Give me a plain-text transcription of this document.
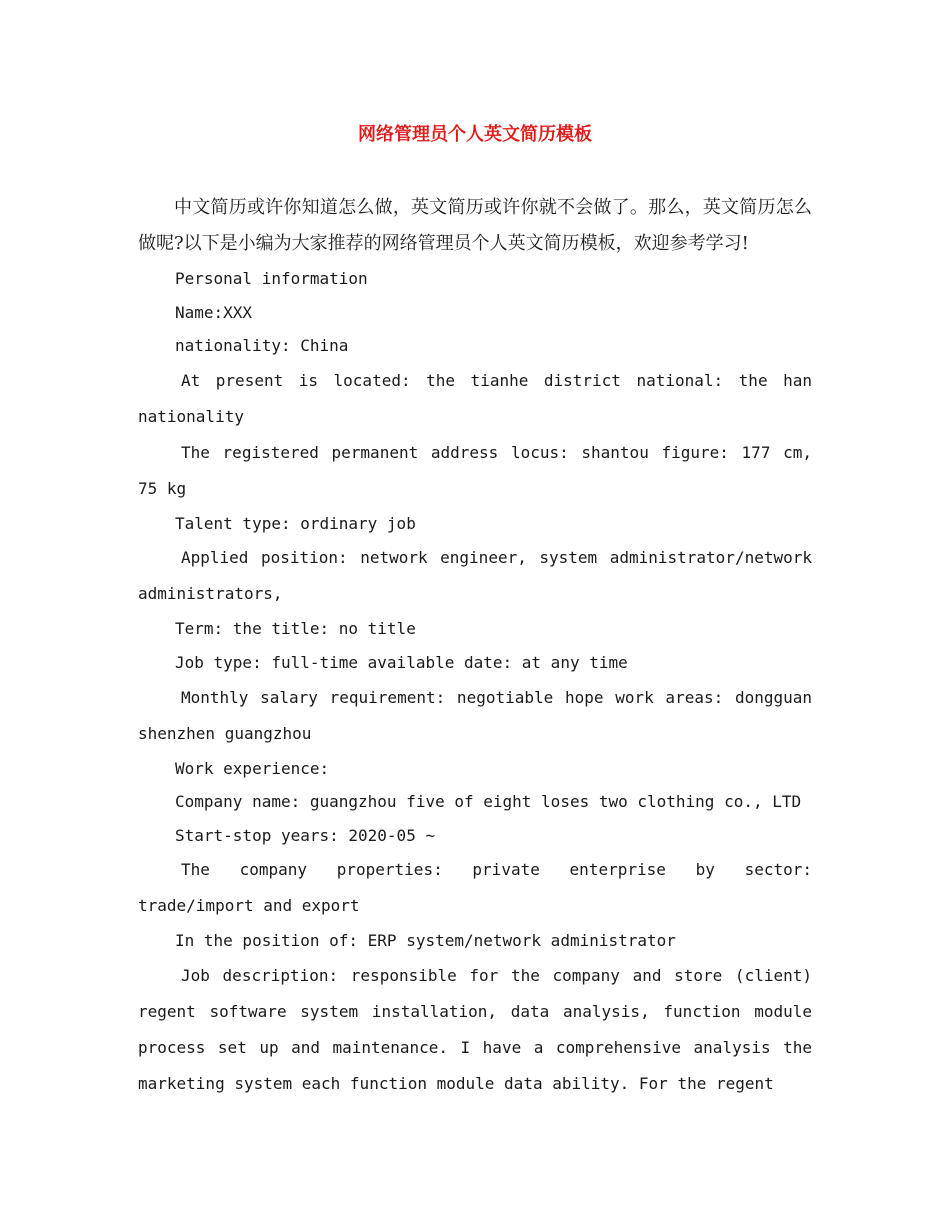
网络管理员个人英文简历模板

中文简历或许你知道怎么做，英文简历或许你就不会做了。那么，英文简历怎么做呢?以下是小编为大家推荐的网络管理员个人英文简历模板，欢迎参考学习!

Personal information

Name:XXX

nationality: China

At present is located: the tianhe district national: the han nationality

The registered permanent address locus: shantou figure: 177 cm, 75 kg

Talent type: ordinary job

Applied position: network engineer, system administrator/network administrators,

Term: the title: no title

Job type: full-time available date: at any time

Monthly salary requirement: negotiable hope work areas: dongguan shenzhen guangzhou

Work experience:

Company name: guangzhou five of eight loses two clothing co., LTD

Start-stop years: 2020-05 ~

The company properties: private enterprise by sector: trade/import and export

In the position of: ERP system/network administrator

Job description: responsible for the company and store (client) regent software system installation, data analysis, function module process set up and maintenance. I have a comprehensive analysis the marketing system each function module data ability. For the regent
